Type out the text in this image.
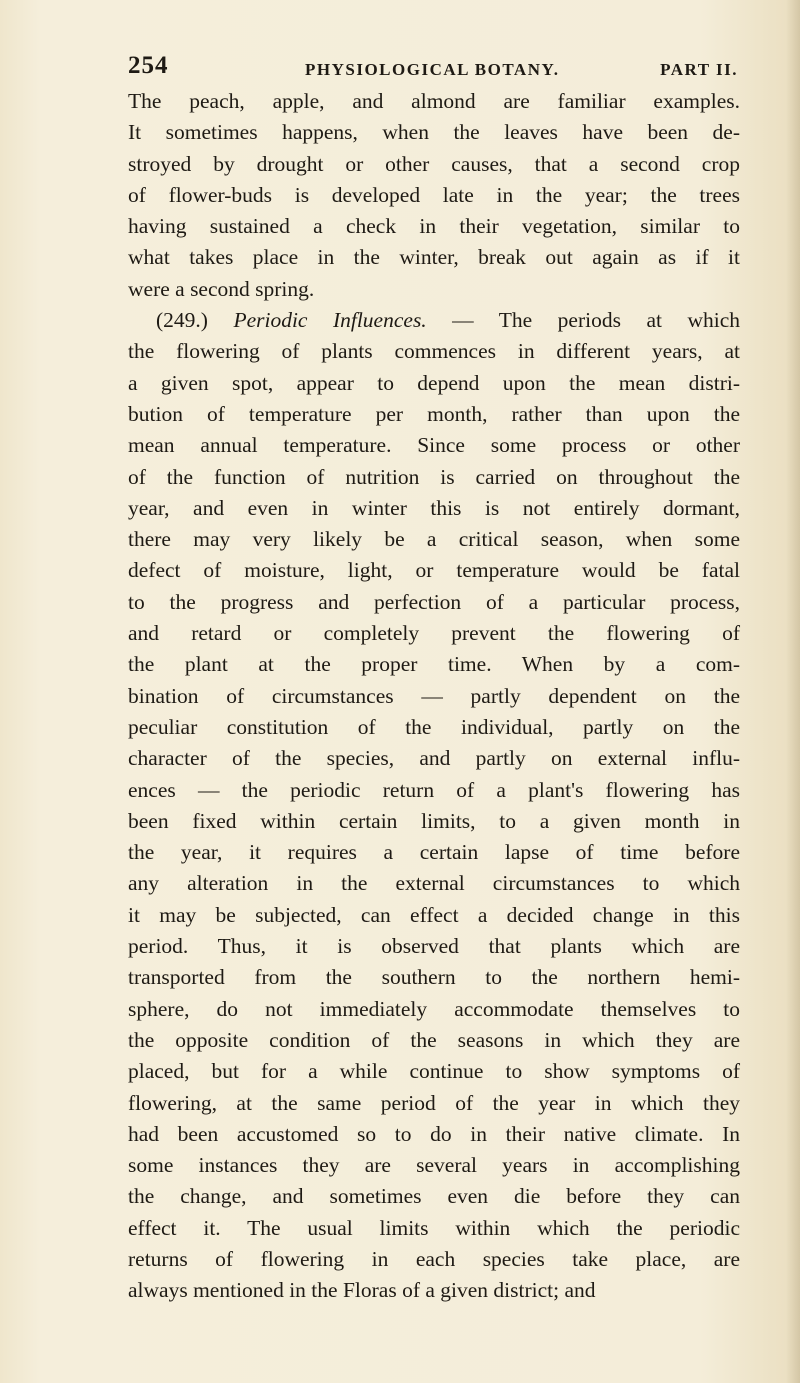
254	PHYSIOLOGICAL BOTANY.	PART II.
The peach, apple, and almond are familiar examples.
It sometimes happens, when the leaves have been de-
stroyed by drought or other causes, that a second crop
of flower-buds is developed late in the year; the trees
having sustained a check in their vegetation, similar to
what takes place in the winter, break out again as if it
were a second spring.
(249.) Periodic Influences. — The periods at which
the flowering of plants commences in different years, at
a given spot, appear to depend upon the mean distri-
bution of temperature per month, rather than upon the
mean annual temperature. Since some process or other
of the function of nutrition is carried on throughout the
year, and even in winter this is not entirely dormant,
there may very likely be a critical season, when some
defect of moisture, light, or temperature would be fatal
to the progress and perfection of a particular process,
and retard or completely prevent the flowering of
the plant at the proper time. When by a com-
bination of circumstances — partly dependent on the
peculiar constitution of the individual, partly on the
character of the species, and partly on external influ-
ences — the periodic return of a plant's flowering has
been fixed within certain limits, to a given month in
the year, it requires a certain lapse of time before
any alteration in the external circumstances to which
it may be subjected, can effect a decided change in this
period. Thus, it is observed that plants which are
transported from the southern to the northern hemi-
sphere, do not immediately accommodate themselves to
the opposite condition of the seasons in which they are
placed, but for a while continue to show symptoms of
flowering, at the same period of the year in which they
had been accustomed so to do in their native climate. In
some instances they are several years in accomplishing
the change, and sometimes even die before they can
effect it. The usual limits within which the periodic
returns of flowering in each species take place, are
always mentioned in the Floras of a given district; and
